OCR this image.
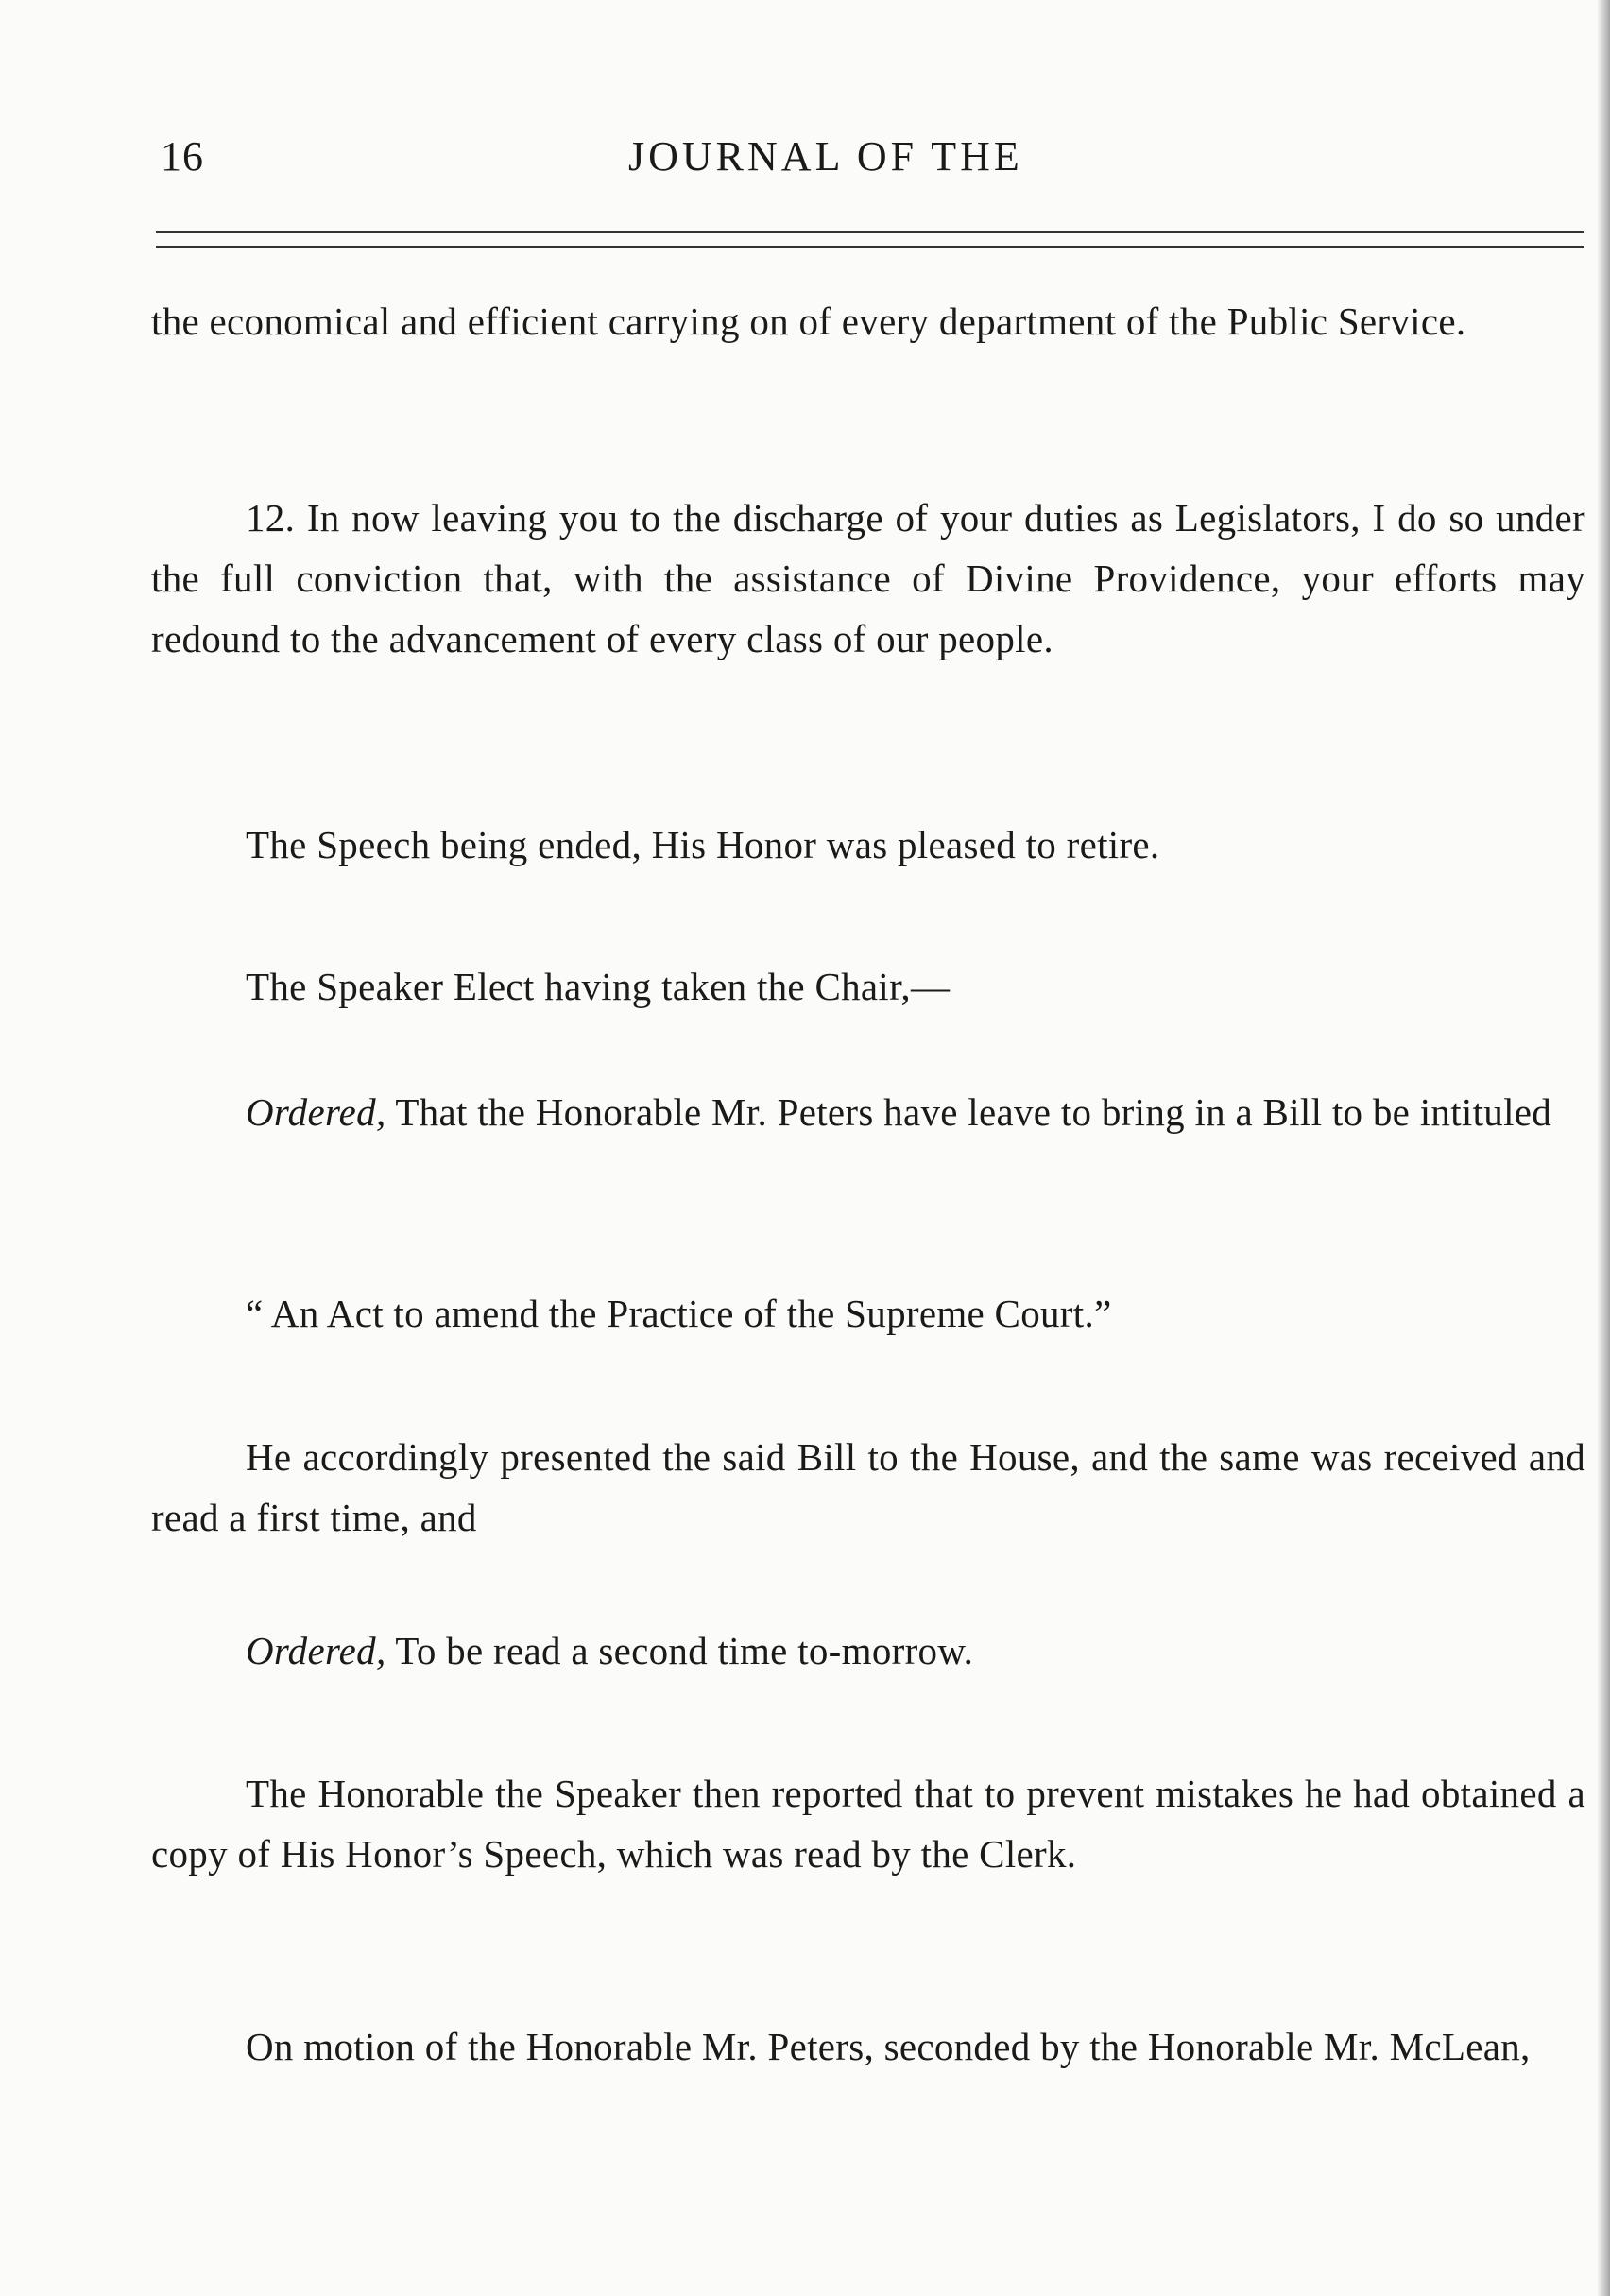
16	JOURNAL OF THE

the economical and efficient carrying on of every department of the Public Service.

12. In now leaving you to the discharge of your duties as Legislators, I do so under the full conviction that, with the assistance of Divine Providence, your efforts may redound to the advancement of every class of our people.

The Speech being ended, His Honor was pleased to retire.

The Speaker Elect having taken the Chair,—

Ordered, That the Honorable Mr. Peters have leave to bring in a Bill to be intituled

“ An Act to amend the Practice of the Supreme Court.”

He accordingly presented the said Bill to the House, and the same was received and read a first time, and

Ordered, To be read a second time to-morrow.

The Honorable the Speaker then reported that to prevent mistakes he had obtained a copy of His Honor’s Speech, which was read by the Clerk.

On motion of the Honorable Mr. Peters, seconded by the Honorable Mr. McLean,
